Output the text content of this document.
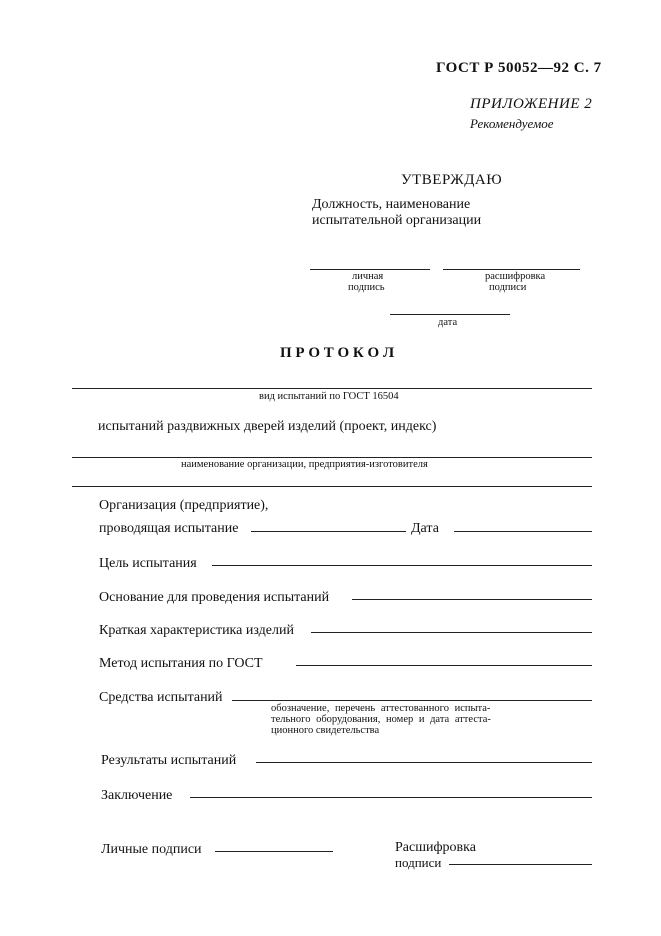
ГОСТ Р 50052—92 С. 7
ПРИЛОЖЕНИЕ 2
Рекомендуемое
УТВЕРЖДАЮ
Должность, наименование
испытательной организации
личная
подпись
расшифровка
подписи
дата
П Р О Т О К О Л
вид испытаний по ГОСТ 16504
испытаний раздвижных дверей изделий (проект, индекс)
наименование организации, предприятия-изготовителя
Организация (предприятие),
проводящая испытание	Дата
Цель испытания
Основание для проведения испытаний
Краткая характеристика изделий
Метод испытания по ГОСТ
Средства испытаний
обозначение, перечень аттестованного испыта-
тельного оборудования, номер и дата аттеста-
ционного свидетельства
Результаты испытаний
Заключение
Личные подписи	Расшифровка
подписи
